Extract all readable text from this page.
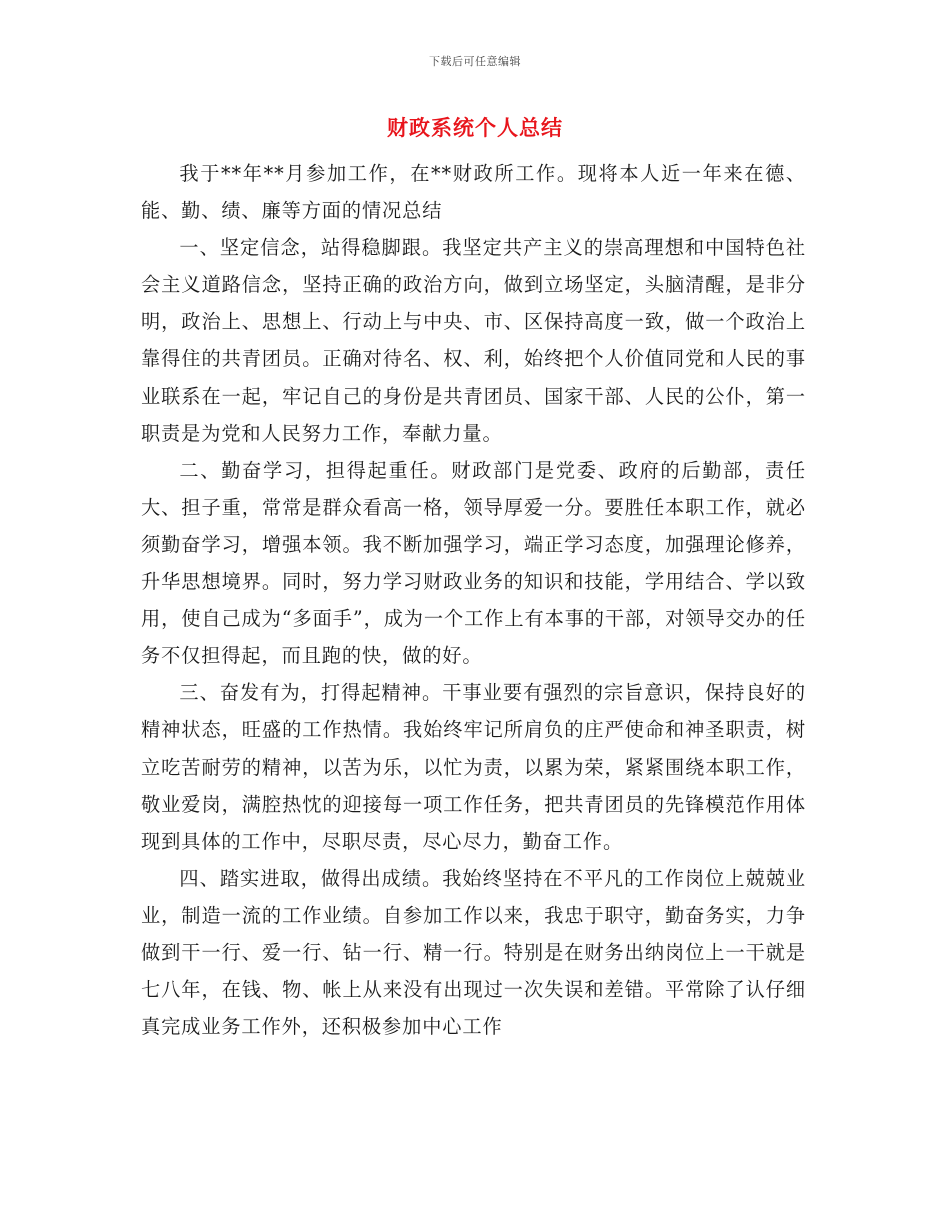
下载后可任意编辑
财政系统个人总结

我于**年**月参加工作，在**财政所工作。现将本人近一年来在德、能、勤、绩、廉等方面的情况总结

一、坚定信念，站得稳脚跟。我坚定共产主义的崇高理想和中国特色社会主义道路信念，坚持正确的政治方向，做到立场坚定，头脑清醒，是非分明，政治上、思想上、行动上与中央、市、区保持高度一致，做一个政治上靠得住的共青团员。正确对待名、权、利，始终把个人价值同党和人民的事业联系在一起，牢记自己的身份是共青团员、国家干部、人民的公仆，第一职责是为党和人民努力工作，奉献力量。

二、勤奋学习，担得起重任。财政部门是党委、政府的后勤部，责任大、担子重，常常是群众看高一格，领导厚爱一分。要胜任本职工作，就必须勤奋学习，增强本领。我不断加强学习，端正学习态度，加强理论修养，升华思想境界。同时，努力学习财政业务的知识和技能，学用结合、学以致用，使自己成为“多面手”，成为一个工作上有本事的干部，对领导交办的任务不仅担得起，而且跑的快，做的好。

三、奋发有为，打得起精神。干事业要有强烈的宗旨意识，保持良好的精神状态，旺盛的工作热情。我始终牢记所肩负的庄严使命和神圣职责，树立吃苦耐劳的精神，以苦为乐，以忙为责，以累为荣，紧紧围绕本职工作，敬业爱岗，满腔热忱的迎接每一项工作任务，把共青团员的先锋模范作用体现到具体的工作中，尽职尽责，尽心尽力，勤奋工作。

四、踏实进取，做得出成绩。我始终坚持在不平凡的工作岗位上兢兢业业，制造一流的工作业绩。自参加工作以来，我忠于职守，勤奋务实，力争做到干一行、爱一行、钻一行、精一行。特别是在财务出纳岗位上一干就是七八年，在钱、物、帐上从来没有出现过一次失误和差错。平常除了认仔细真完成业务工作外，还积极参加中心工作
